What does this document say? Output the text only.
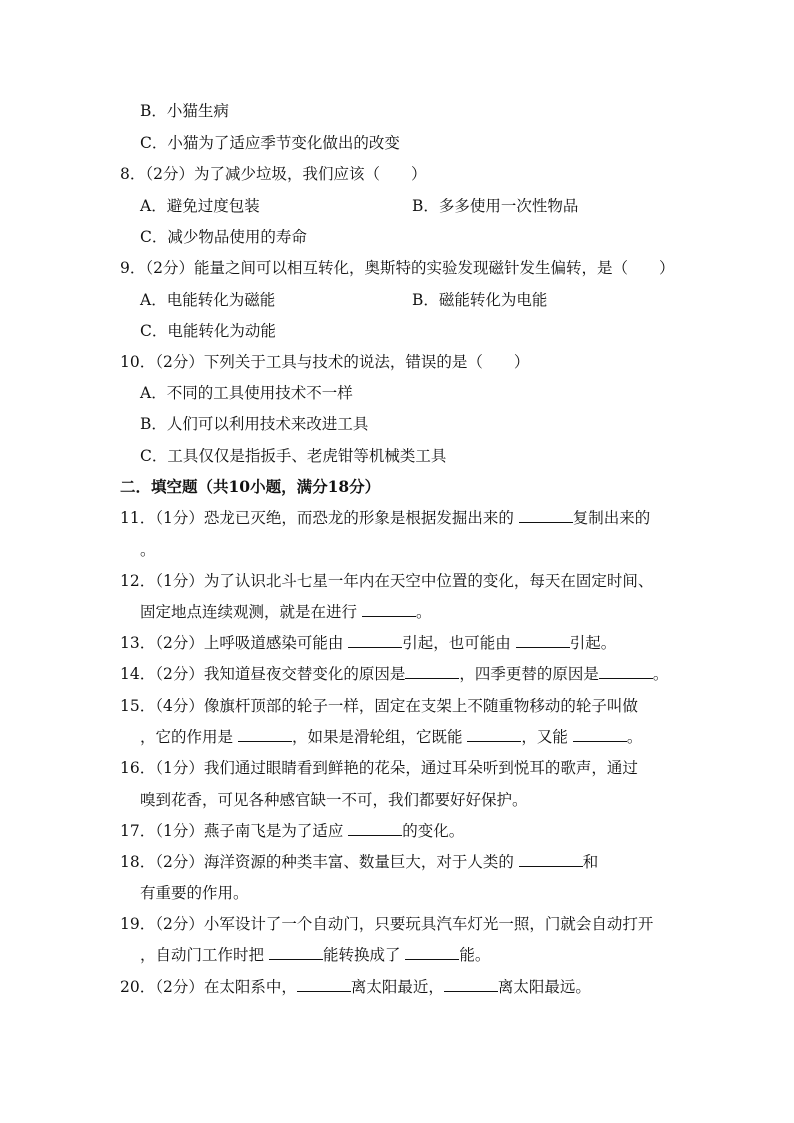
B．小猫生病
C．小猫为了适应季节变化做出的改变
8．（2分）为了减少垃圾，我们应该（　　）
A．避免过度包装	B．多多使用一次性物品
C．减少物品使用的寿命
9．（2分）能量之间可以相互转化，奥斯特的实验发现磁针发生偏转，是（　　）
A．电能转化为磁能	B．磁能转化为电能
C．电能转化为动能
10．（2分）下列关于工具与技术的说法，错误的是（　　）
A．不同的工具使用技术不一样
B．人们可以利用技术来改进工具
C．工具仅仅是指扳手、老虎钳等机械类工具
二．填空题（共10小题，满分18分）
11．（1分）恐龙已灭绝，而恐龙的形象是根据发掘出来的	复制出来的
。
12．（1分）为了认识北斗七星一年内在天空中位置的变化，每天在固定时间、
固定地点连续观测，就是在进行	。
13．（2分）上呼吸道感染可能由	引起，也可能由	引起。
14．（2分）我知道昼夜交替变化的原因是	，四季更替的原因是	。
15．（4分）像旗杆顶部的轮子一样，固定在支架上不随重物移动的轮子叫做
，它的作用是	，如果是滑轮组，它既能	，又能	。
16．（1分）我们通过眼睛看到鲜艳的花朵，通过耳朵听到悦耳的歌声，通过
嗅到花香，可见各种感官缺一不可，我们都要好好保护。
17．（1分）燕子南飞是为了适应	的变化。
18．（2分）海洋资源的种类丰富、数量巨大，对于人类的	和
有重要的作用。
19．（2分）小军设计了一个自动门，只要玩具汽车灯光一照，门就会自动打开
，自动门工作时把	能转换成了	能。
20．（2分）在太阳系中，	离太阳最近，	离太阳最远。
